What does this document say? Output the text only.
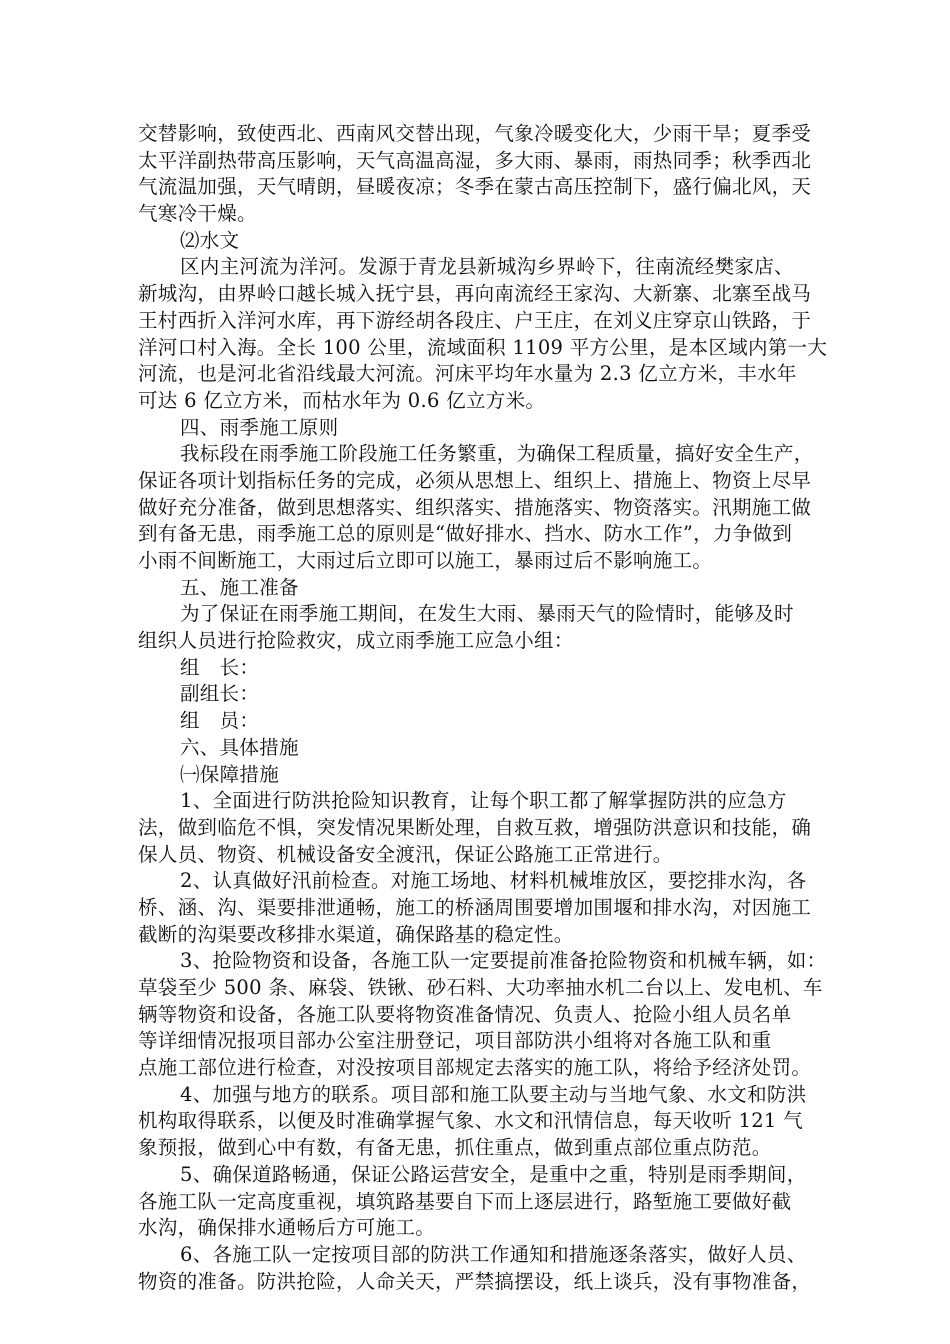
交替影响，致使西北、西南风交替出现，气象冷暖变化大，少雨干旱；夏季受
太平洋副热带高压影响，天气高温高湿，多大雨、暴雨，雨热同季；秋季西北
气流温加强，天气晴朗，昼暖夜凉；冬季在蒙古高压控制下，盛行偏北风，天
气寒冷干燥。
⑵水文
区内主河流为洋河。发源于青龙县新城沟乡界岭下，往南流经樊家店、
新城沟，由界岭口越长城入抚宁县，再向南流经王家沟、大新寨、北寨至战马
王村西折入洋河水库，再下游经胡各段庄、户王庄，在刘义庄穿京山铁路，于
洋河口村入海。全长 100 公里，流域面积 1109 平方公里，是本区域内第一大
河流，也是河北省沿线最大河流。河床平均年水量为 2.3 亿立方米，丰水年
可达 6 亿立方米，而枯水年为 0.6 亿立方米。
四、雨季施工原则
我标段在雨季施工阶段施工任务繁重，为确保工程质量，搞好安全生产，
保证各项计划指标任务的完成，必须从思想上、组织上、措施上、物资上尽早
做好充分准备，做到思想落实、组织落实、措施落实、物资落实。汛期施工做
到有备无患，雨季施工总的原则是“做好排水、挡水、防水工作”，力争做到
小雨不间断施工，大雨过后立即可以施工，暴雨过后不影响施工。
五、施工准备
为了保证在雨季施工期间，在发生大雨、暴雨天气的险情时，能够及时
组织人员进行抢险救灾，成立雨季施工应急小组：
组　长：
副组长：
组　员：
六、具体措施
㈠保障措施
1、全面进行防洪抢险知识教育，让每个职工都了解掌握防洪的应急方
法，做到临危不惧，突发情况果断处理，自救互救，增强防洪意识和技能，确
保人员、物资、机械设备安全渡汛，保证公路施工正常进行。
2、认真做好汛前检查。对施工场地、材料机械堆放区，要挖排水沟，各
桥、涵、沟、渠要排泄通畅，施工的桥涵周围要增加围堰和排水沟，对因施工
截断的沟渠要改移排水渠道，确保路基的稳定性。
3、抢险物资和设备，各施工队一定要提前准备抢险物资和机械车辆，如：
草袋至少 500 条、麻袋、铁锹、砂石料、大功率抽水机二台以上、发电机、车
辆等物资和设备，各施工队要将物资准备情况、负责人、抢险小组人员名单
等详细情况报项目部办公室注册登记，项目部防洪小组将对各施工队和重
点施工部位进行检查，对没按项目部规定去落实的施工队，将给予经济处罚。
4、加强与地方的联系。项目部和施工队要主动与当地气象、水文和防洪
机构取得联系，以便及时准确掌握气象、水文和汛情信息，每天收听 121 气
象预报，做到心中有数，有备无患，抓住重点，做到重点部位重点防范。
5、确保道路畅通，保证公路运营安全，是重中之重，特别是雨季期间，
各施工队一定高度重视，填筑路基要自下而上逐层进行，路堑施工要做好截
水沟，确保排水通畅后方可施工。
6、各施工队一定按项目部的防洪工作通知和措施逐条落实，做好人员、
物资的准备。防洪抢险，人命关天，严禁搞摆设，纸上谈兵，没有事物准备，
